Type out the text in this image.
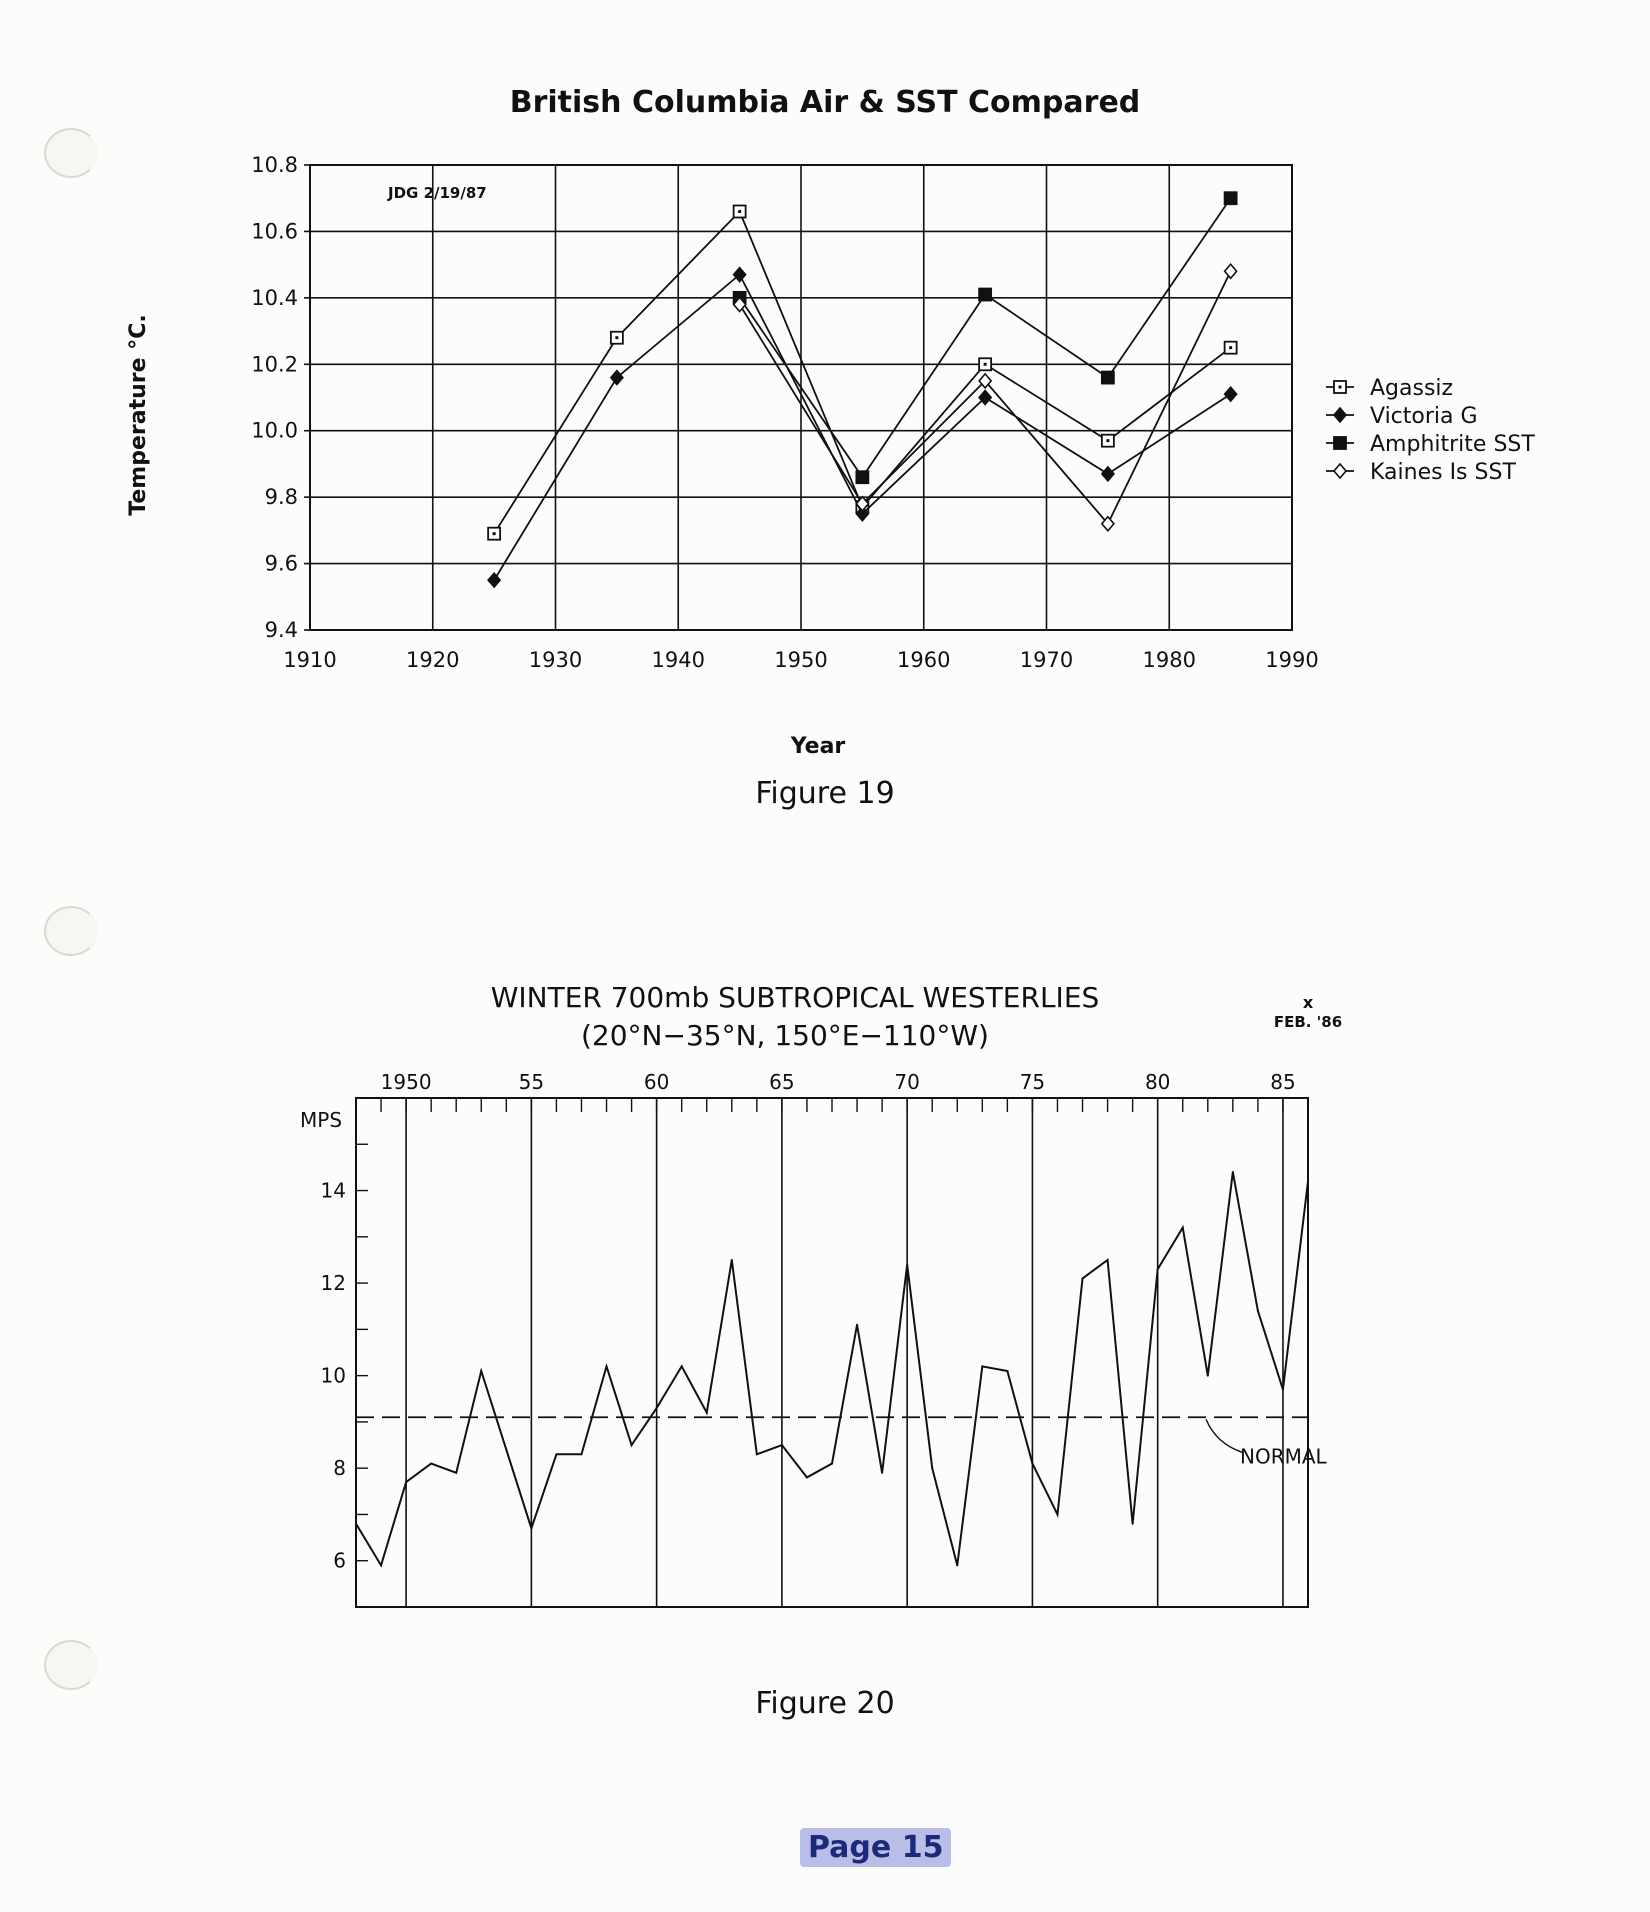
British Columbia Air & SST Compared
JDG 2/19/87
Temperature °C.
Year
1910	1920	1930	1940	1950	1960	1970	1980	1990
9.4
9.6
9.8
10.0
10.2
10.4
10.6
10.8
Agassiz
Victoria G
Amphitrite SST
Kaines Is SST
Figure 19
WINTER 700mb SUBTROPICAL WESTERLIES
(20°N−35°N, 150°E−110°W)
x
FEB. '86
MPS
1950	55	60	65	70	75	80	85
6
8
10
12
14
NORMAL
Figure 20
Page 15
